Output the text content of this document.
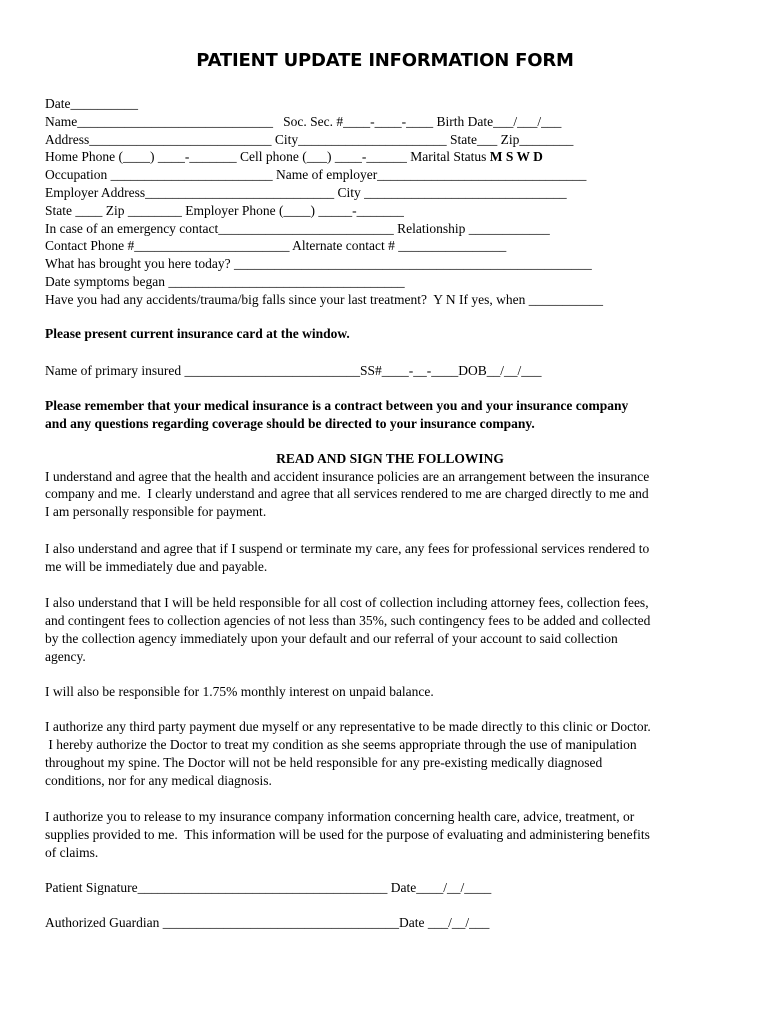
PATIENT UPDATE INFORMATION FORM
Date__________
Name_____________________________   Soc. Sec. #____-____-____ Birth Date___/___/___
Address___________________________ City______________________ State___ Zip________
Home Phone (____) ____-_______ Cell phone (___) ____-______ Marital Status M S W D
Occupation ________________________ Name of employer_______________________________
Employer Address____________________________ City ______________________________
State ____ Zip ________ Employer Phone (____) _____-_______
In case of an emergency contact__________________________ Relationship ____________
Contact Phone #_______________________ Alternate contact # ________________
What has brought you here today? _____________________________________________________
Date symptoms began ___________________________________
Have you had any accidents/trauma/big falls since your last treatment?  Y N If yes, when ___________
Please present current insurance card at the window.
Name of primary insured __________________________SS#____-__-____DOB__/__/___
Please remember that your medical insurance is a contract between you and your insurance company
and any questions regarding coverage should be directed to your insurance company.
READ AND SIGN THE FOLLOWING
I understand and agree that the health and accident insurance policies are an arrangement between the insurance
company and me.  I clearly understand and agree that all services rendered to me are charged directly to me and
I am personally responsible for payment.
I also understand and agree that if I suspend or terminate my care, any fees for professional services rendered to
me will be immediately due and payable.
I also understand that I will be held responsible for all cost of collection including attorney fees, collection fees,
and contingent fees to collection agencies of not less than 35%, such contingency fees to be added and collected
by the collection agency immediately upon your default and our referral of your account to said collection
agency.
I will also be responsible for 1.75% monthly interest on unpaid balance.
I authorize any third party payment due myself or any representative to be made directly to this clinic or Doctor.
I hereby authorize the Doctor to treat my condition as she seems appropriate through the use of manipulation
throughout my spine. The Doctor will not be held responsible for any pre-existing medically diagnosed
conditions, nor for any medical diagnosis.
I authorize you to release to my insurance company information concerning health care, advice, treatment, or
supplies provided to me.  This information will be used for the purpose of evaluating and administering benefits
of claims.
Patient Signature_____________________________________ Date____/__/____
Authorized Guardian ___________________________________Date ___/__/___
